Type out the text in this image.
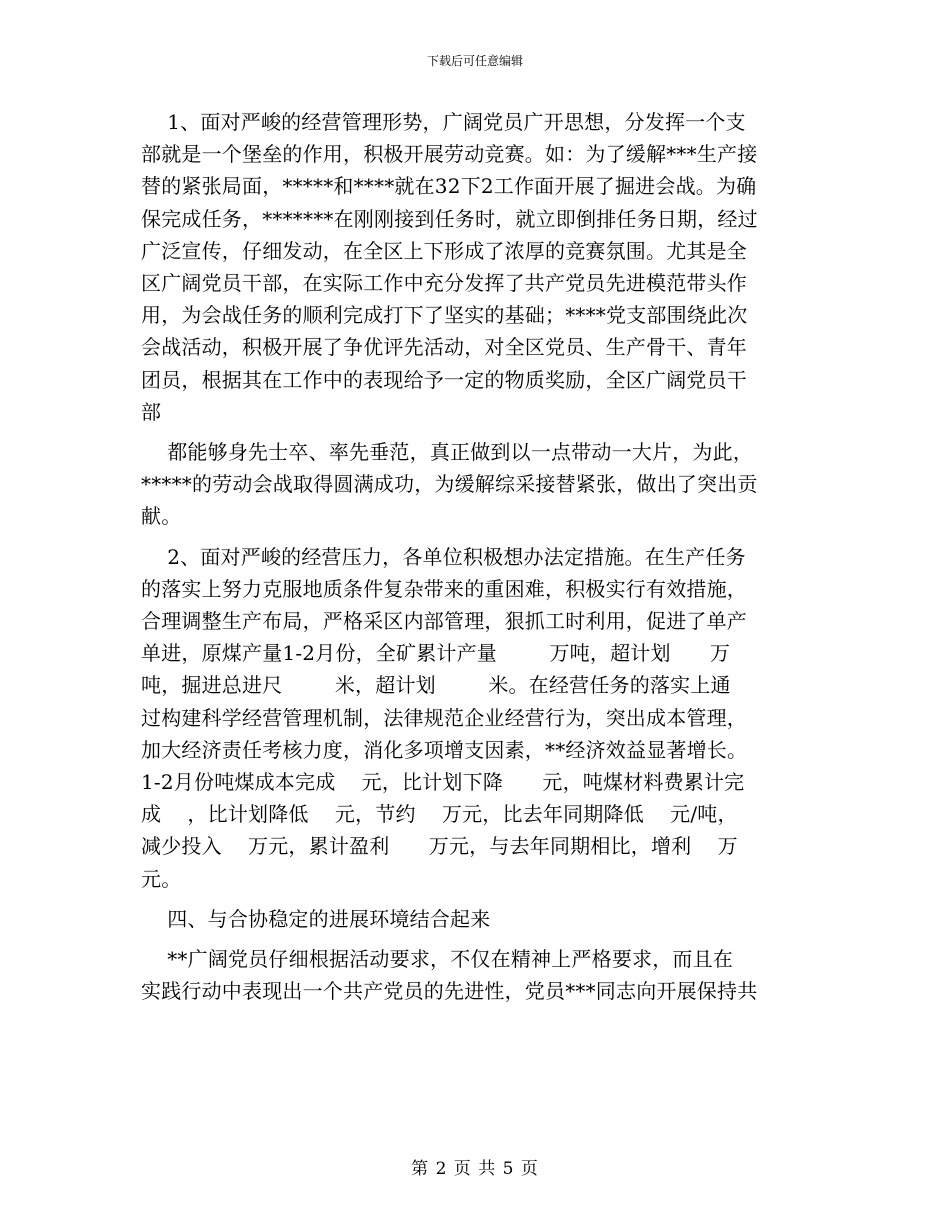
下载后可任意编辑
1、面对严峻的经营管理形势，广阔党员广开思想，分发挥一个支
部就是一个堡垒的作用，积极开展劳动竞赛。如：为了缓解***生产接
替的紧张局面，*****和****就在32下2工作面开展了掘进会战。为确
保完成任务，*******在刚刚接到任务时，就立即倒排任务日期，经过
广泛宣传，仔细发动，在全区上下形成了浓厚的竞赛氛围。尤其是全
区广阔党员干部，在实际工作中充分发挥了共产党员先进模范带头作
用，为会战任务的顺利完成打下了坚实的基础；****党支部围绕此次
会战活动，积极开展了争优评先活动，对全区党员、生产骨干、青年
团员，根据其在工作中的表现给予一定的物质奖励，全区广阔党员干
部
都能够身先士卒、率先垂范，真正做到以一点带动一大片，为此，
*****的劳动会战取得圆满成功，为缓解综采接替紧张，做出了突出贡
献。
2、面对严峻的经营压力，各单位积极想办法定措施。在生产任务
的落实上努力克服地质条件复杂带来的重困难，积极实行有效措施，
合理调整生产布局，严格采区内部管理，狠抓工时利用，促进了单产
单进，原煤产量1-2月份，全矿累计产量        万吨，超计划      万
吨，掘进总进尺        米，超计划        米。在经营任务的落实上通
过构建科学经营管理机制，法律规范企业经营行为，突出成本管理，
加大经济责任考核力度，消化多项增支因素，**经济效益显著增长。
1-2月份吨煤成本完成    元，比计划下降      元，吨煤材料费累计完
成    ，比计划降低    元，节约    万元，比去年同期降低    元/吨，
减少投入    万元，累计盈利      万元，与去年同期相比，增利    万
元。
四、与合协稳定的进展环境结合起来
**广阔党员仔细根据活动要求，不仅在精神上严格要求，而且在
实践行动中表现出一个共产党员的先进性，党员***同志向开展保持共
第 2 页 共 5 页
